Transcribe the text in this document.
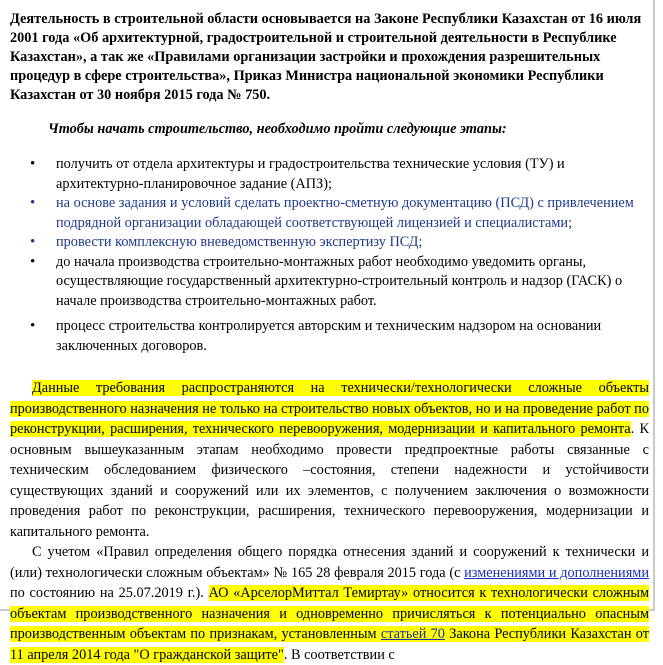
Деятельность в строительной области основывается на Законе Республики Казахстан от 16 июля 2001 года «Об архитектурной, градостроительной и строительной деятельности в Республике Казахстан», а так же «Правилами организации застройки и прохождения разрешительных процедур в сфере строительства», Приказ Министра национальной экономики Республики Казахстан от 30 ноября 2015 года № 750.

Чтобы начать строительство, необходимо пройти следующие этапы:

• получить от отдела архитектуры и градостроительства технические условия (ТУ) и архитектурно-планировочное задание (АПЗ);
• на основе задания и условий сделать проектно-сметную документацию (ПСД) с привлечением подрядной организации обладающей соответствующей лицензией и специалистами;
• провести комплексную вневедомственную экспертизу ПСД;
• до начала производства строительно-монтажных работ необходимо уведомить органы, осуществляющие государственный архитектурно-строительный контроль и надзор (ГАСК) о начале производства строительно-монтажных работ.
• процесс строительства контролируется авторским и техническим надзором на основании заключенных договоров.

Данные требования распространяются на технически/технологически сложные объекты производственного назначения не только на строительство новых объектов, но и на проведение работ по реконструкции, расширения, технического перевооружения, модернизации и капитального ремонта. К основным вышеуказанным этапам необходимо провести предпроектные работы связанные с техническим обследованием физического –состояния, степени надежности и устойчивости существующих зданий и сооружений или их элементов, с получением заключения о возможности проведения работ по реконструкции, расширения, технического перевооружения, модернизации и капитального ремонта.

С учетом «Правил определения общего порядка отнесения зданий и сооружений к технически и (или) технологически сложным объектам» № 165 28 февраля 2015 года (с изменениями и дополнениями по состоянию на 25.07.2019 г.). АО «АрселорМиттал Темиртау» относится к технологически сложным объектам производственного назначения и одновременно причисляться к потенциально опасным производственным объектам по признакам, установленным статьей 70 Закона Республики Казахстан от 11 апреля 2014 года "О гражданской защите". В соответствии с
